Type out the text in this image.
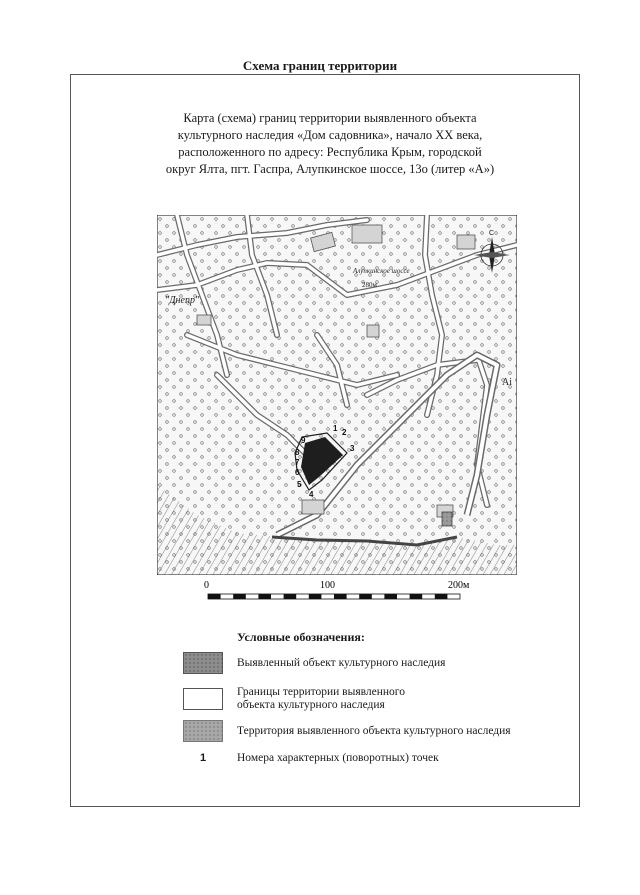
Схема границ территории
Карта (схема) границ территории выявленного объекта
культурного наследия «Дом садовника», начало XX века,
расположенного по адресу: Республика Крым, городской
округ Ялта, пгт. Гаспра, Алупкинское шоссе, 13о (литер «А»)
2
3
4
5
6
7
8
9
1
"Днепр"
Алупкинское шоссе
280м
Ai
С
0	100	200м
Условные обозначения:
Выявленный объект культурного наследия
Границы территории выявленного
объекта культурного наследия
Территория выявленного объекта культурного наследия
1	Номера характерных (поворотных) точек
